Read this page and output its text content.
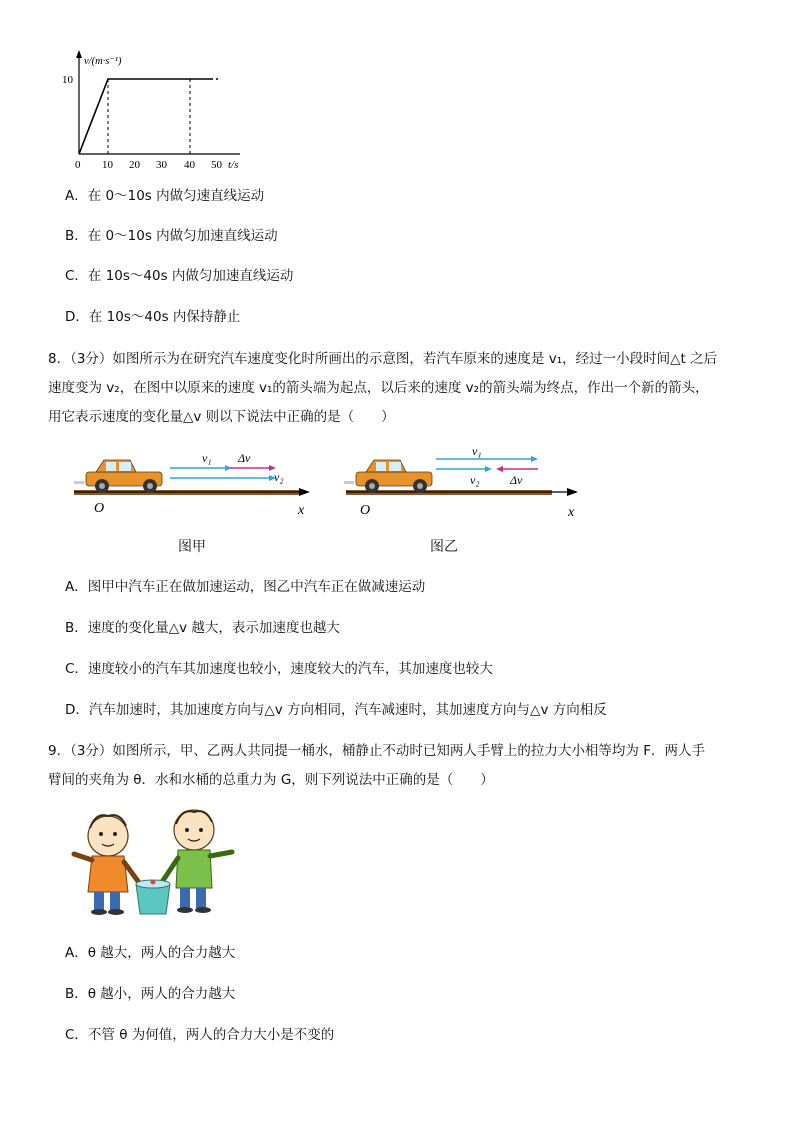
v/(m·s⁻¹)
10
0 10 20 30 40 50 t/s
A．在 0～10s 内做匀速直线运动
B．在 0～10s 内做匀加速直线运动
C．在 10s～40s 内做匀加速直线运动
D．在 10s～40s 内保持静止
8．（3分）如图所示为在研究汽车速度变化时所画出的示意图，若汽车原来的速度是 v₁，经过一小段时间△t 之后
速度变为 v₂，在图中以原来的速度 v₁的箭头端为起点，以后来的速度 v₂的箭头端为终点，作出一个新的箭头，
用它表示速度的变化量△v 则以下说法中正确的是（　　）
v₁ Δv
v₂
O	x
图甲
v₁
v₂	Δv
O	x
图乙
A．图甲中汽车正在做加速运动，图乙中汽车正在做减速运动
B．速度的变化量△v 越大，表示加速度也越大
C．速度较小的汽车其加速度也较小，速度较大的汽车，其加速度也较大
D．汽车加速时，其加速度方向与△v 方向相同，汽车减速时，其加速度方向与△v 方向相反
9．（3分）如图所示，甲、乙两人共同提一桶水，桶静止不动时已知两人手臂上的拉力大小相等均为 F．两人手
臂间的夹角为 θ．水和水桶的总重力为 G，则下列说法中正确的是（　　）
A．θ 越大，两人的合力越大
B．θ 越小，两人的合力越大
C．不管 θ 为何值，两人的合力大小是不变的
